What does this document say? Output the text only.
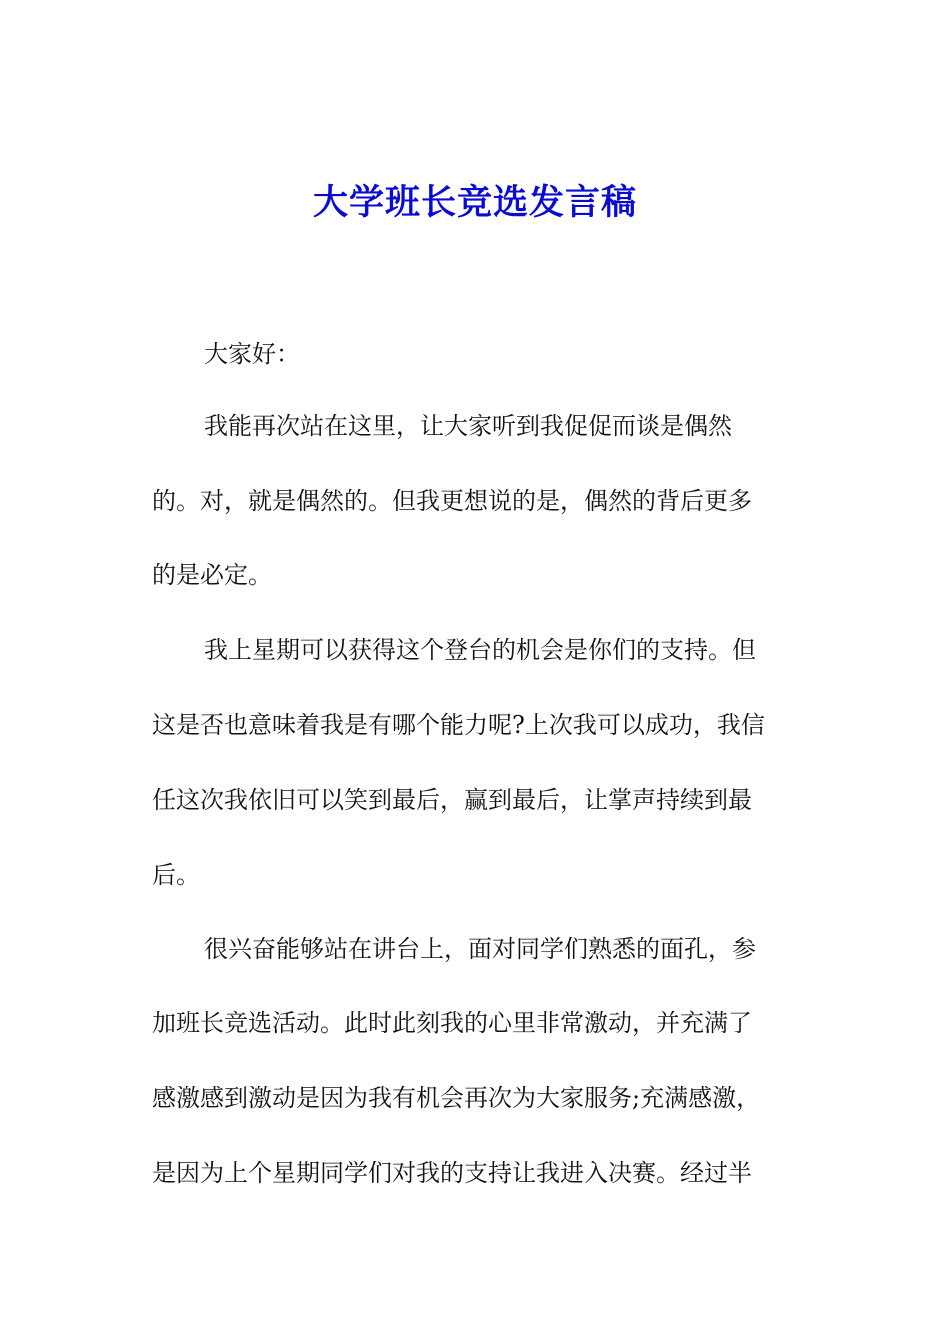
大学班长竞选发言稿
大家好：
我能再次站在这里，让大家听到我促促而谈是偶然
的。对，就是偶然的。但我更想说的是，偶然的背后更多
的是必定。
我上星期可以获得这个登台的机会是你们的支持。但
这是否也意味着我是有哪个能力呢?上次我可以成功，我信
任这次我依旧可以笑到最后，赢到最后，让掌声持续到最
后。
很兴奋能够站在讲台上，面对同学们熟悉的面孔，参
加班长竞选活动。此时此刻我的心里非常激动，并充满了
感激感到激动是因为我有机会再次为大家服务;充满感激，
是因为上个星期同学们对我的支持让我进入决赛。经过半
